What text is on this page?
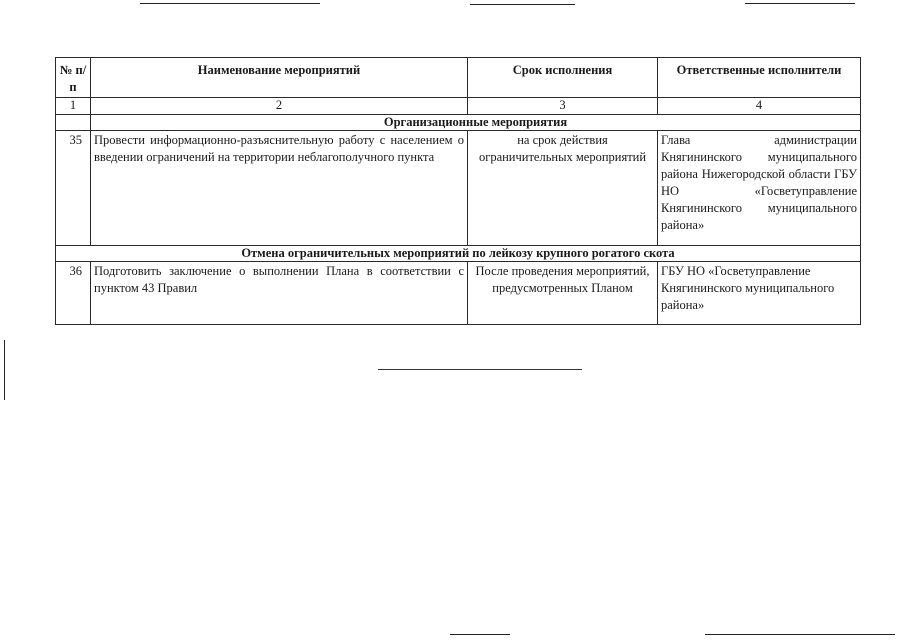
№ п/п	Наименование мероприятий	Срок исполнения	Ответственные исполнители
1	2	3	4
	Организационные мероприятия		
35	Провести информационно-разъяснительную работу с населением о введении ограничений на территории неблагополучного пункта	на срок действия ограничительных мероприятий	Глава администрации Княгининского муниципального района Нижегородской области ГБУ НО «Госветуправление Княгининского муниципального района»
Отмена ограничительных мероприятий по лейкозу крупного рогатого скота			
36	Подготовить заключение о выполнении Плана в соответствии с пунктом 43 Правил	После проведения мероприятий, предусмотренных Планом	ГБУ НО «Госветуправление Княгининского муниципального района»
